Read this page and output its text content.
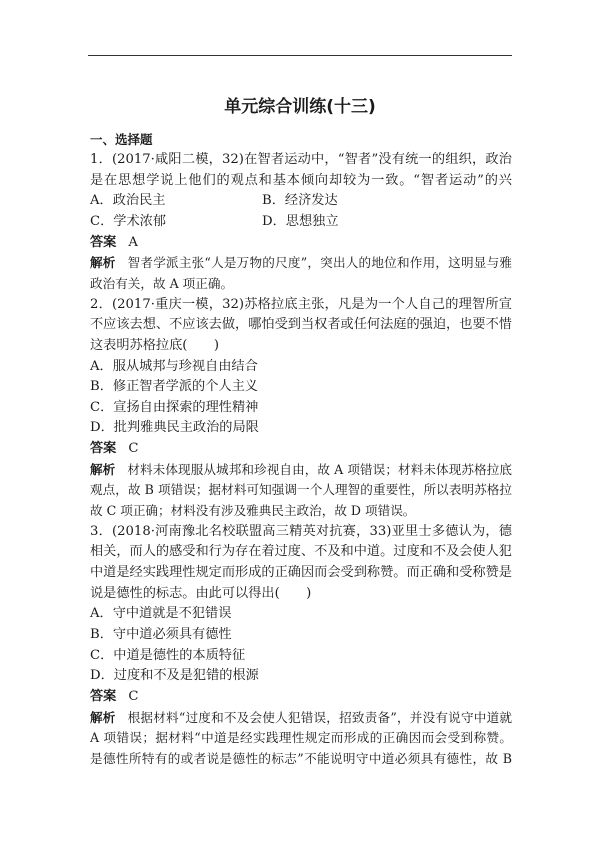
单元综合训练(十三)
一、选择题
1．(2017·咸阳二模，32)在智者运动中，“智者”没有统一的组织，政治
是在思想学说上他们的观点和基本倾向却较为一致。“智者运动”的兴　　
A．政治民主	B．经济发达
C．学术浓郁	D．思想独立
答案 A
解析 智者学派主张“人是万物的尺度”，突出人的地位和作用，这明显与雅
政治有关，故 A 项正确。
2．(2017·重庆一模，32)苏格拉底主张，凡是为一个人自己的理智所宣
不应该去想、不应该去做，哪怕受到当权者或任何法庭的强迫，也要不惜
这表明苏格拉底(　　)
A．服从城邦与珍视自由结合
B．修正智者学派的个人主义
C．宣扬自由探索的理性精神
D．批判雅典民主政治的局限
答案 C
解析 材料未体现服从城邦和珍视自由，故 A 项错误；材料未体现苏格拉底
观点，故 B 项错误；据材料可知强调一个人理智的重要性，所以表明苏格拉
故 C 项正确；材料没有涉及雅典民主政治，故 D 项错误。
3．(2018·河南豫北名校联盟高三精英对抗赛，33)亚里士多德认为，德
相关，而人的感受和行为存在着过度、不及和中道。过度和不及会使人犯
中道是经实践理性规定而形成的正确因而会受到称赞。而正确和受称赞是
说是德性的标志。由此可以得出(　　)
A．守中道就是不犯错误
B．守中道必须具有德性
C．中道是德性的本质特征
D．过度和不及是犯错的根源
答案 C
解析 根据材料“过度和不及会使人犯错误，招致责备”，并没有说守中道就
A 项错误；据材料“中道是经实践理性规定而形成的正确因而会受到称赞。
是德性所特有的或者说是德性的标志”不能说明守中道必须具有德性，故 B
